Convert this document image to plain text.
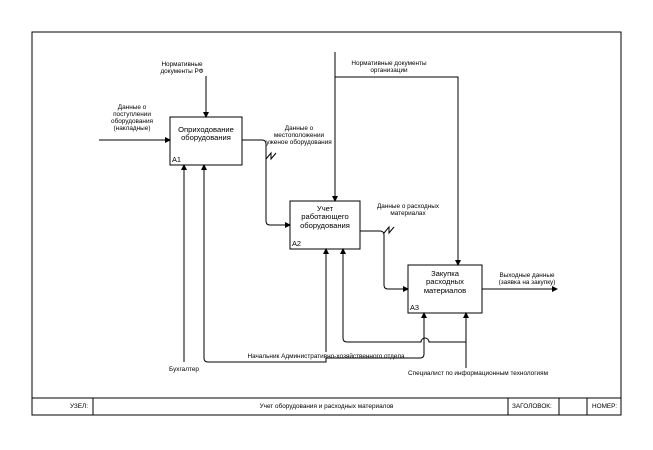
Оприходование
оборудования
А1
Учет
работающего
оборудования
А2
Закупка
расходных
материалов
А3
Данные о
поступлении
оборудования
(накладные)
Нормативные
документы РФ
Нормативные документы
организации
Данные о
местоположении
уженое оборудования
Данные о расходных
материалах
Выходные данные
(заявка на закупку)
Бухгалтер
Начальник Административно-хозяйственного отдела
Специалист по информационным технологиям
УЗЕЛ:	Учет оборудования и расходных материалов	ЗАГОЛОВОК:	НОМЕР:
